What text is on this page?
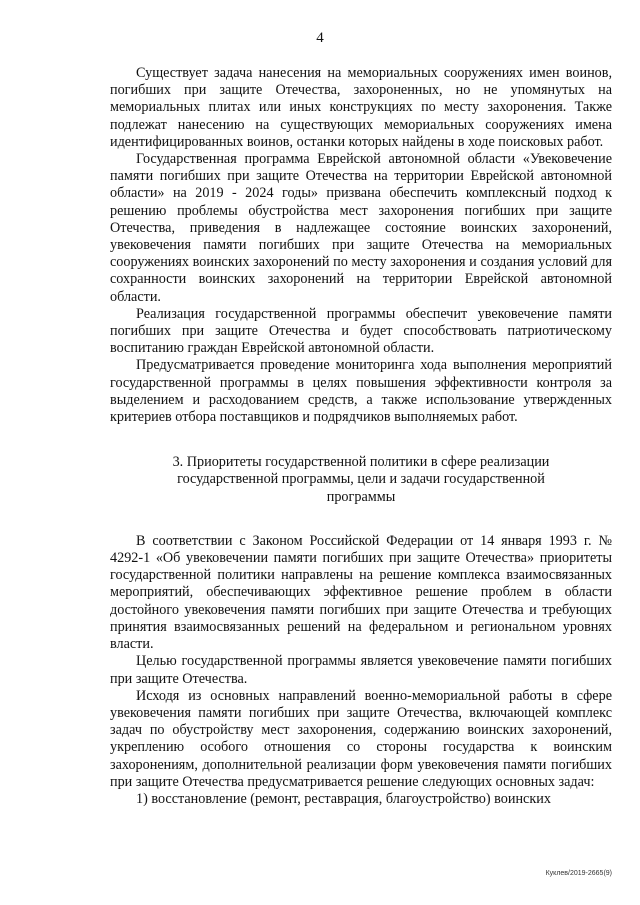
4

Существует задача нанесения на мемориальных сооружениях имен воинов, погибших при защите Отечества, захороненных, но не упомянутых на мемориальных плитах или иных конструкциях по месту захоронения. Также подлежат нанесению на существующих мемориальных сооружениях имена идентифицированных воинов, останки которых найдены в ходе поисковых работ.

Государственная программа Еврейской автономной области «Увековечение памяти погибших при защите Отечества на территории Еврейской автономной области» на 2019 - 2024 годы» призвана обеспечить комплексный подход к решению проблемы обустройства мест захоронения погибших при защите Отечества, приведения в надлежащее состояние воинских захоронений, увековечения памяти погибших при защите Отечества на мемориальных сооружениях воинских захоронений по месту захоронения и создания условий для сохранности воинских захоронений на территории Еврейской автономной области.

Реализация государственной программы обеспечит увековечение памяти погибших при защите Отечества и будет способствовать патриотическому воспитанию граждан Еврейской автономной области.

Предусматривается проведение мониторинга хода выполнения мероприятий государственной программы в целях повышения эффективности контроля за выделением и расходованием средств, а также использование утвержденных критериев отбора поставщиков и подрядчиков выполняемых работ.

3. Приоритеты государственной политики в сфере реализации
государственной программы, цели и задачи государственной
программы

В соответствии с Законом Российской Федерации от 14 января 1993 г. № 4292-1 «Об увековечении памяти погибших при защите Отечества» приоритеты государственной политики направлены на решение комплекса взаимосвязанных мероприятий, обеспечивающих эффективное решение проблем в области достойного увековечения памяти погибших при защите Отечества и требующих принятия взаимосвязанных решений на федеральном и региональном уровнях власти.

Целью государственной программы является увековечение памяти погибших при защите Отечества.

Исходя из основных направлений военно-мемориальной работы в сфере увековечения памяти погибших при защите Отечества, включающей комплекс задач по обустройству мест захоронения, содержанию воинских захоронений, укреплению особого отношения со стороны государства к воинским захоронениям, дополнительной реализации форм увековечения памяти погибших при защите Отечества предусматривается решение следующих основных задач:

1) восстановление (ремонт, реставрация, благоустройство) воинских

Куклев/2019-2665(9)
